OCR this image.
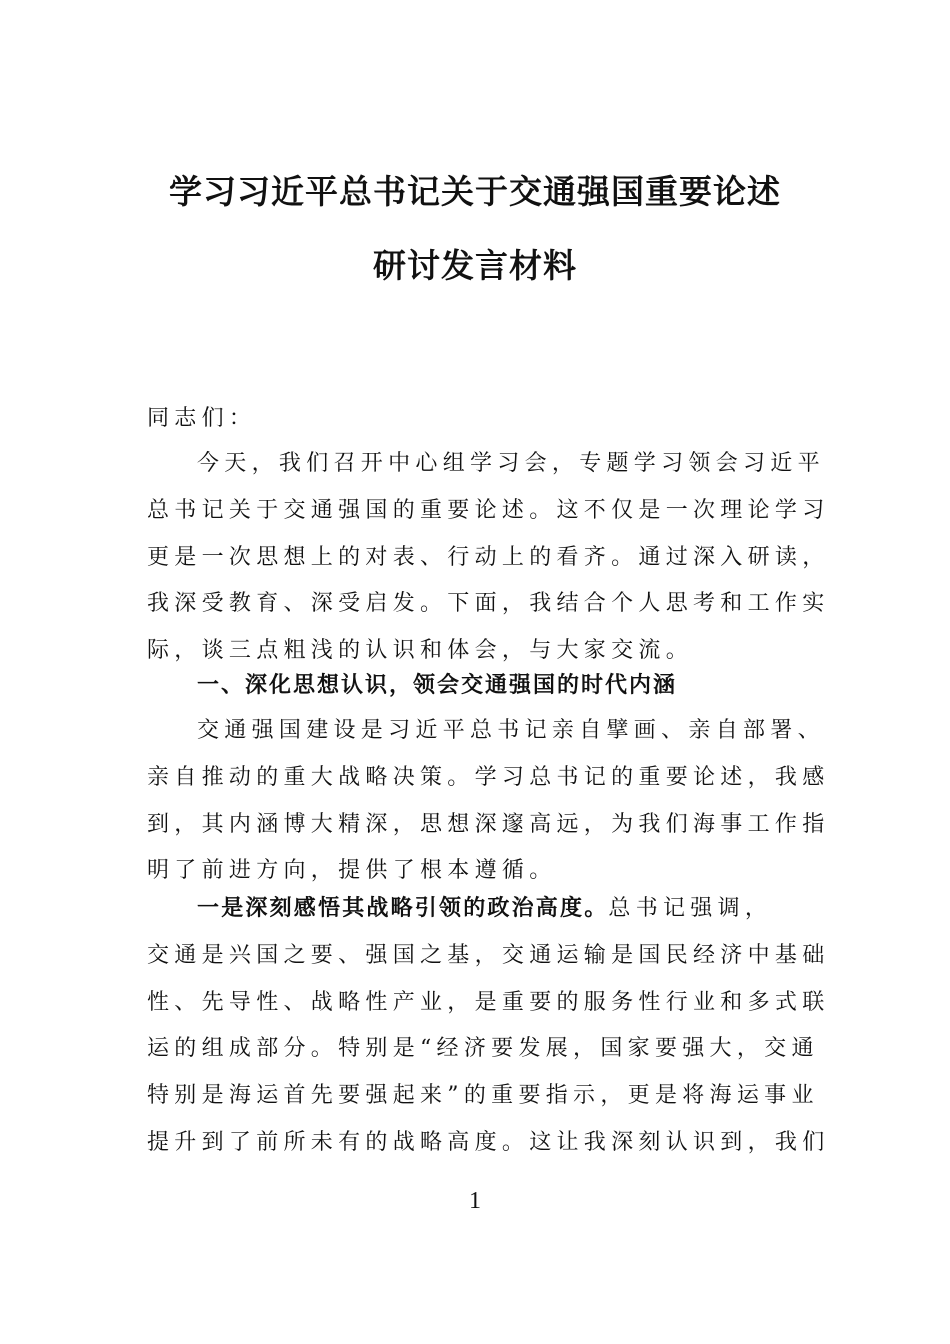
学习习近平总书记关于交通强国重要论述
研讨发言材料
同志们：
今天，我们召开中心组学习会，专题学习领会习近平
总书记关于交通强国的重要论述。这不仅是一次理论学习
更是一次思想上的对表、行动上的看齐。通过深入研读，
我深受教育、深受启发。下面，我结合个人思考和工作实
际，谈三点粗浅的认识和体会，与大家交流。
一、深化思想认识，领会交通强国的时代内涵
交通强国建设是习近平总书记亲自擘画、亲自部署、
亲自推动的重大战略决策。学习总书记的重要论述，我感
到，其内涵博大精深，思想深邃高远，为我们海事工作指
明了前进方向，提供了根本遵循。
一是深刻感悟其战略引领的政治高度。总书记强调，
交通是兴国之要、强国之基，交通运输是国民经济中基础
性、先导性、战略性产业，是重要的服务性行业和多式联
运的组成部分。特别是“经济要发展，国家要强大，交通
特别是海运首先要强起来”的重要指示，更是将海运事业
提升到了前所未有的战略高度。这让我深刻认识到，我们
1
